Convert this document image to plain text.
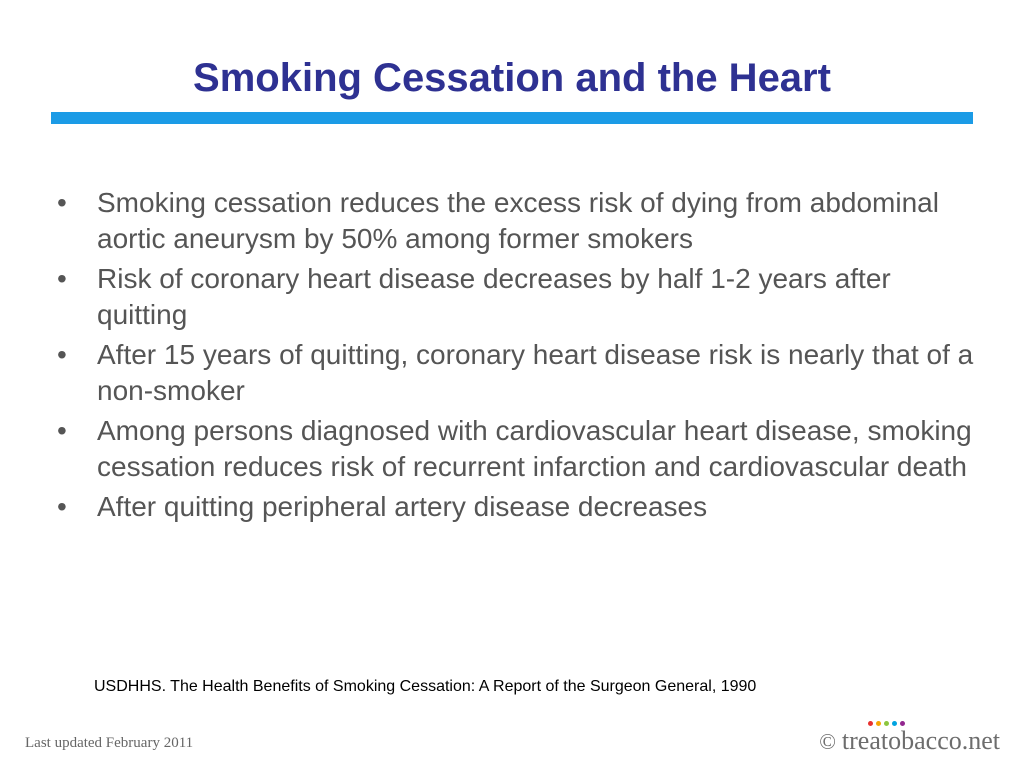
Smoking Cessation and the Heart
•	Smoking cessation reduces the excess risk of dying from abdominal aortic aneurysm by 50% among former smokers
•	Risk of coronary heart disease decreases by half 1-2 years after quitting
•	After 15 years of quitting, coronary heart disease risk is nearly that of a non-smoker
•	Among persons diagnosed with cardiovascular heart disease, smoking cessation reduces risk of recurrent infarction and cardiovascular death
•	After quitting peripheral artery disease decreases
USDHHS. The Health Benefits of Smoking Cessation: A Report of the Surgeon General, 1990
Last updated February 2011	© treatobacco.net
